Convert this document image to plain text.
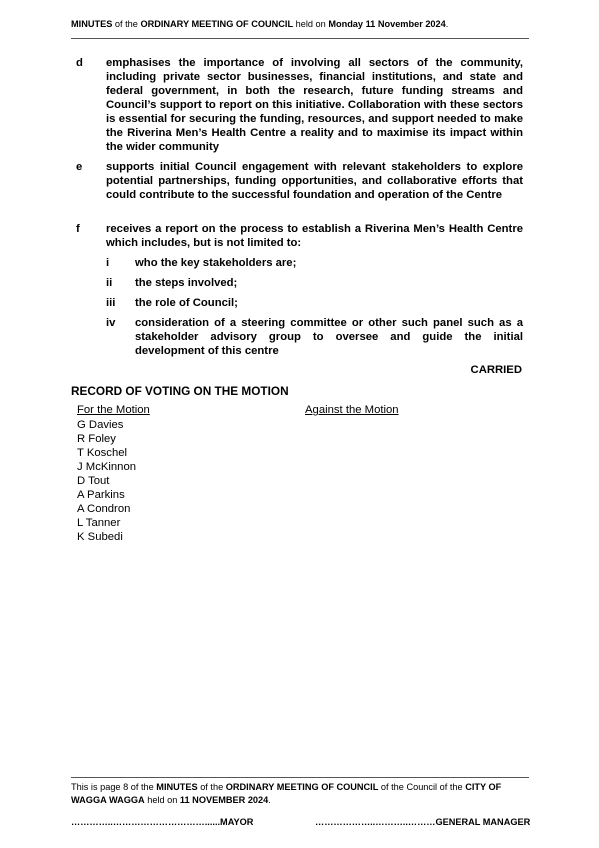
MINUTES of the ORDINARY MEETING OF COUNCIL held on Monday 11 November 2024.
d	emphasises the importance of involving all sectors of the community, including private sector businesses, financial institutions, and state and federal government, in both the research, future funding streams and Council’s support to report on this initiative. Collaboration with these sectors is essential for securing the funding, resources, and support needed to make the Riverina Men’s Health Centre a reality and to maximise its impact within the wider community
e	supports initial Council engagement with relevant stakeholders to explore potential partnerships, funding opportunities, and collaborative efforts that could contribute to the successful foundation and operation of the Centre
f	receives a report on the process to establish a Riverina Men’s Health Centre which includes, but is not limited to:
i	who the key stakeholders are;
ii	the steps involved;
iii	the role of Council;
iv	consideration of a steering committee or other such panel such as a stakeholder advisory group to oversee and guide the initial development of this centre
CARRIED
RECORD OF VOTING ON THE MOTION
For the Motion	Against the Motion
G Davies
R Foley
T Koschel
J McKinnon
D Tout
A Parkins
A Condron
L Tanner
K Subedi
This is page 8 of the MINUTES of the ORDINARY MEETING OF COUNCIL of the Council of the CITY OF WAGGA WAGGA held on 11 NOVEMBER 2024.
…………..…………………………......MAYOR	………………..………..………GENERAL MANAGER
